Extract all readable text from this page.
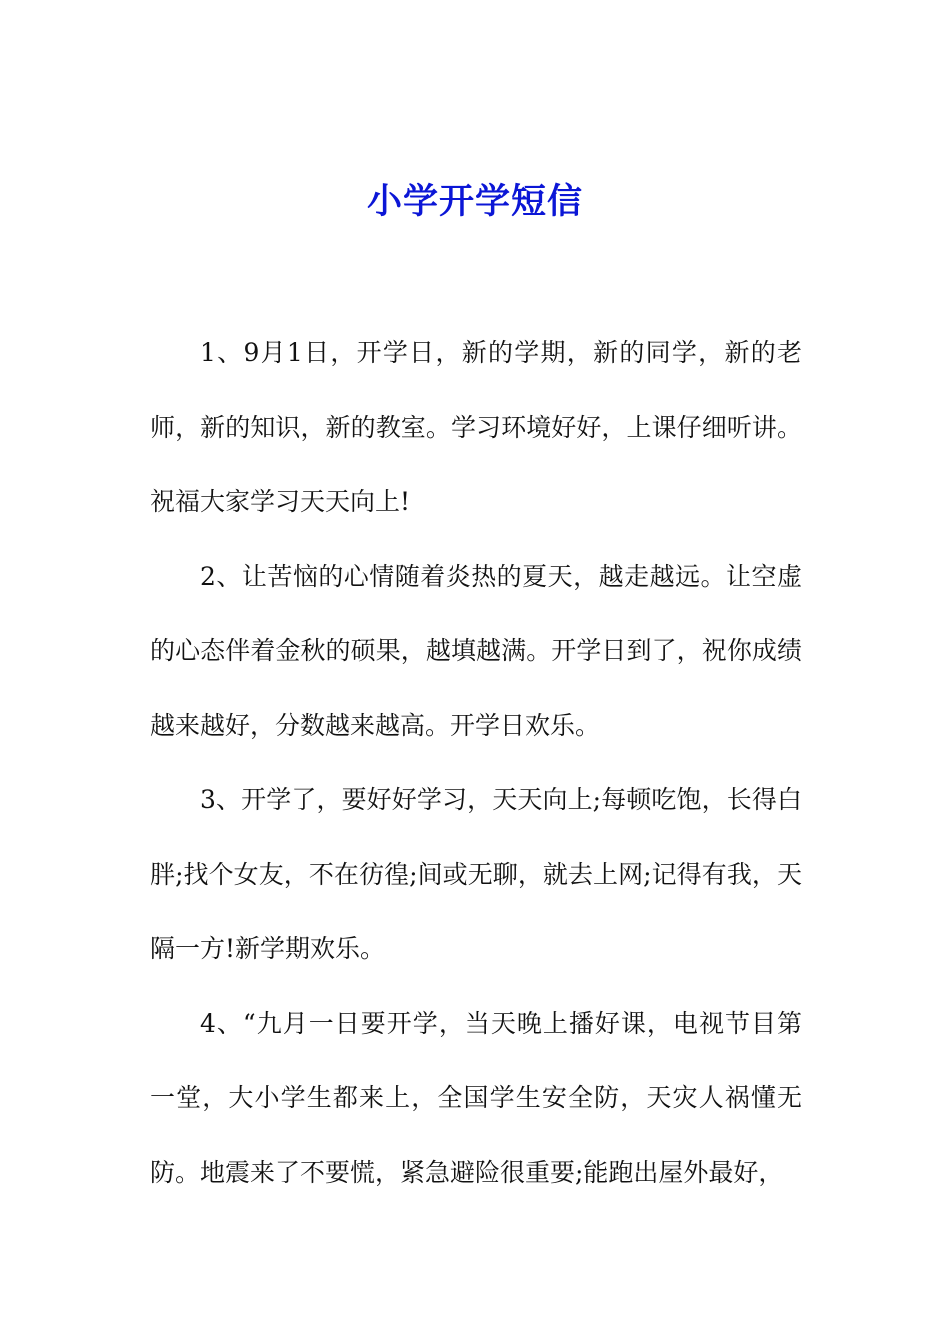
小学开学短信

1、9月1日，开学日，新的学期，新的同学，新的老师，新的知识，新的教室。学习环境好好，上课仔细听讲。祝福大家学习天天向上!

2、让苦恼的心情随着炎热的夏天，越走越远。让空虚的心态伴着金秋的硕果，越填越满。开学日到了，祝你成绩越来越好，分数越来越高。开学日欢乐。

3、开学了，要好好学习，天天向上;每顿吃饱，长得白胖;找个女友，不在彷徨;间或无聊，就去上网;记得有我，天隔一方!新学期欢乐。

4、“九月一日要开学，当天晚上播好课，电视节目第一堂，大小学生都来上，全国学生安全防，天灾人祸懂无防。地震来了不要慌，紧急避险很重要;能跑出屋外最好，
